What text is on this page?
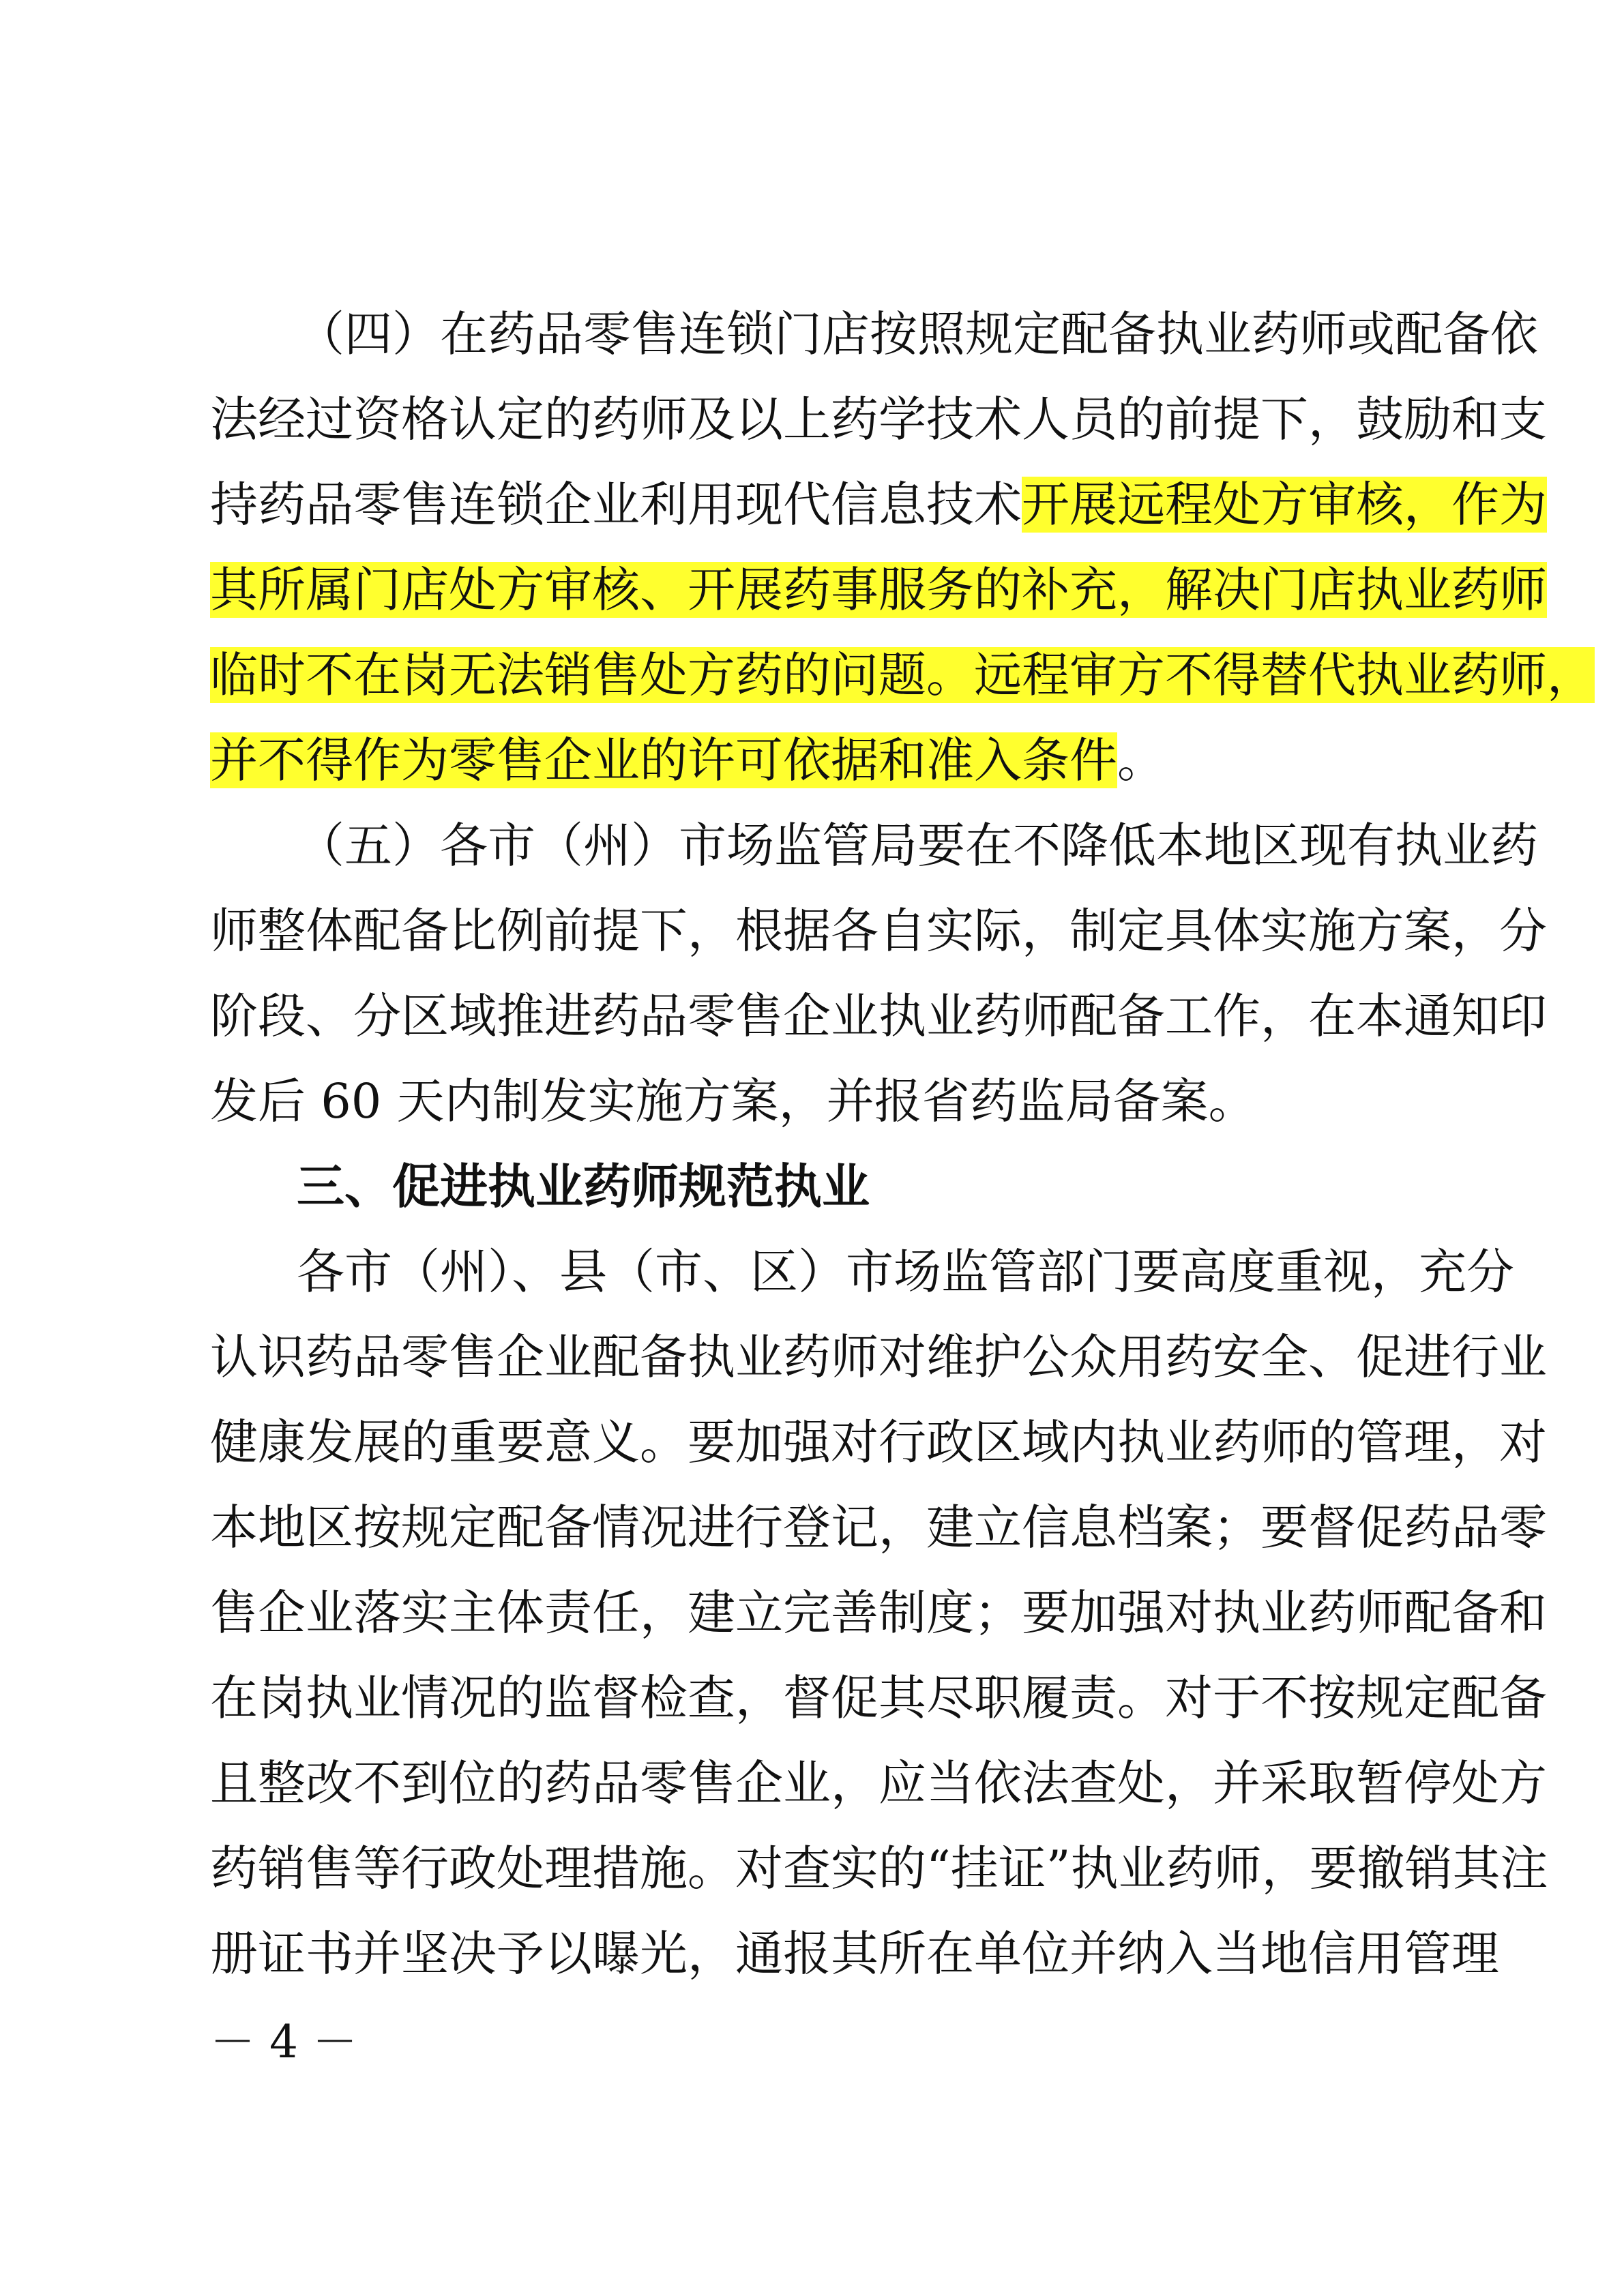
（四）在药品零售连锁门店按照规定配备执业药师或配备依
法经过资格认定的药师及以上药学技术人员的前提下，鼓励和支
持药品零售连锁企业利用现代信息技术开展远程处方审核，作为
其所属门店处方审核、开展药事服务的补充，解决门店执业药师
临时不在岗无法销售处方药的问题。远程审方不得替代执业药师，
并不得作为零售企业的许可依据和准入条件。
（五）各市（州）市场监管局要在不降低本地区现有执业药
师整体配备比例前提下，根据各自实际，制定具体实施方案，分
阶段、分区域推进药品零售企业执业药师配备工作，在本通知印
发后 60 天内制发实施方案，并报省药监局备案。
三、促进执业药师规范执业
各市（州）、县（市、区）市场监管部门要高度重视，充分
认识药品零售企业配备执业药师对维护公众用药安全、促进行业
健康发展的重要意义。要加强对行政区域内执业药师的管理，对
本地区按规定配备情况进行登记，建立信息档案；要督促药品零
售企业落实主体责任，建立完善制度；要加强对执业药师配备和
在岗执业情况的监督检查，督促其尽职履责。对于不按规定配备
且整改不到位的药品零售企业，应当依法查处，并采取暂停处方
药销售等行政处理措施。对查实的“挂证”执业药师，要撤销其注
册证书并坚决予以曝光，通报其所在单位并纳入当地信用管理
－ 4 －
